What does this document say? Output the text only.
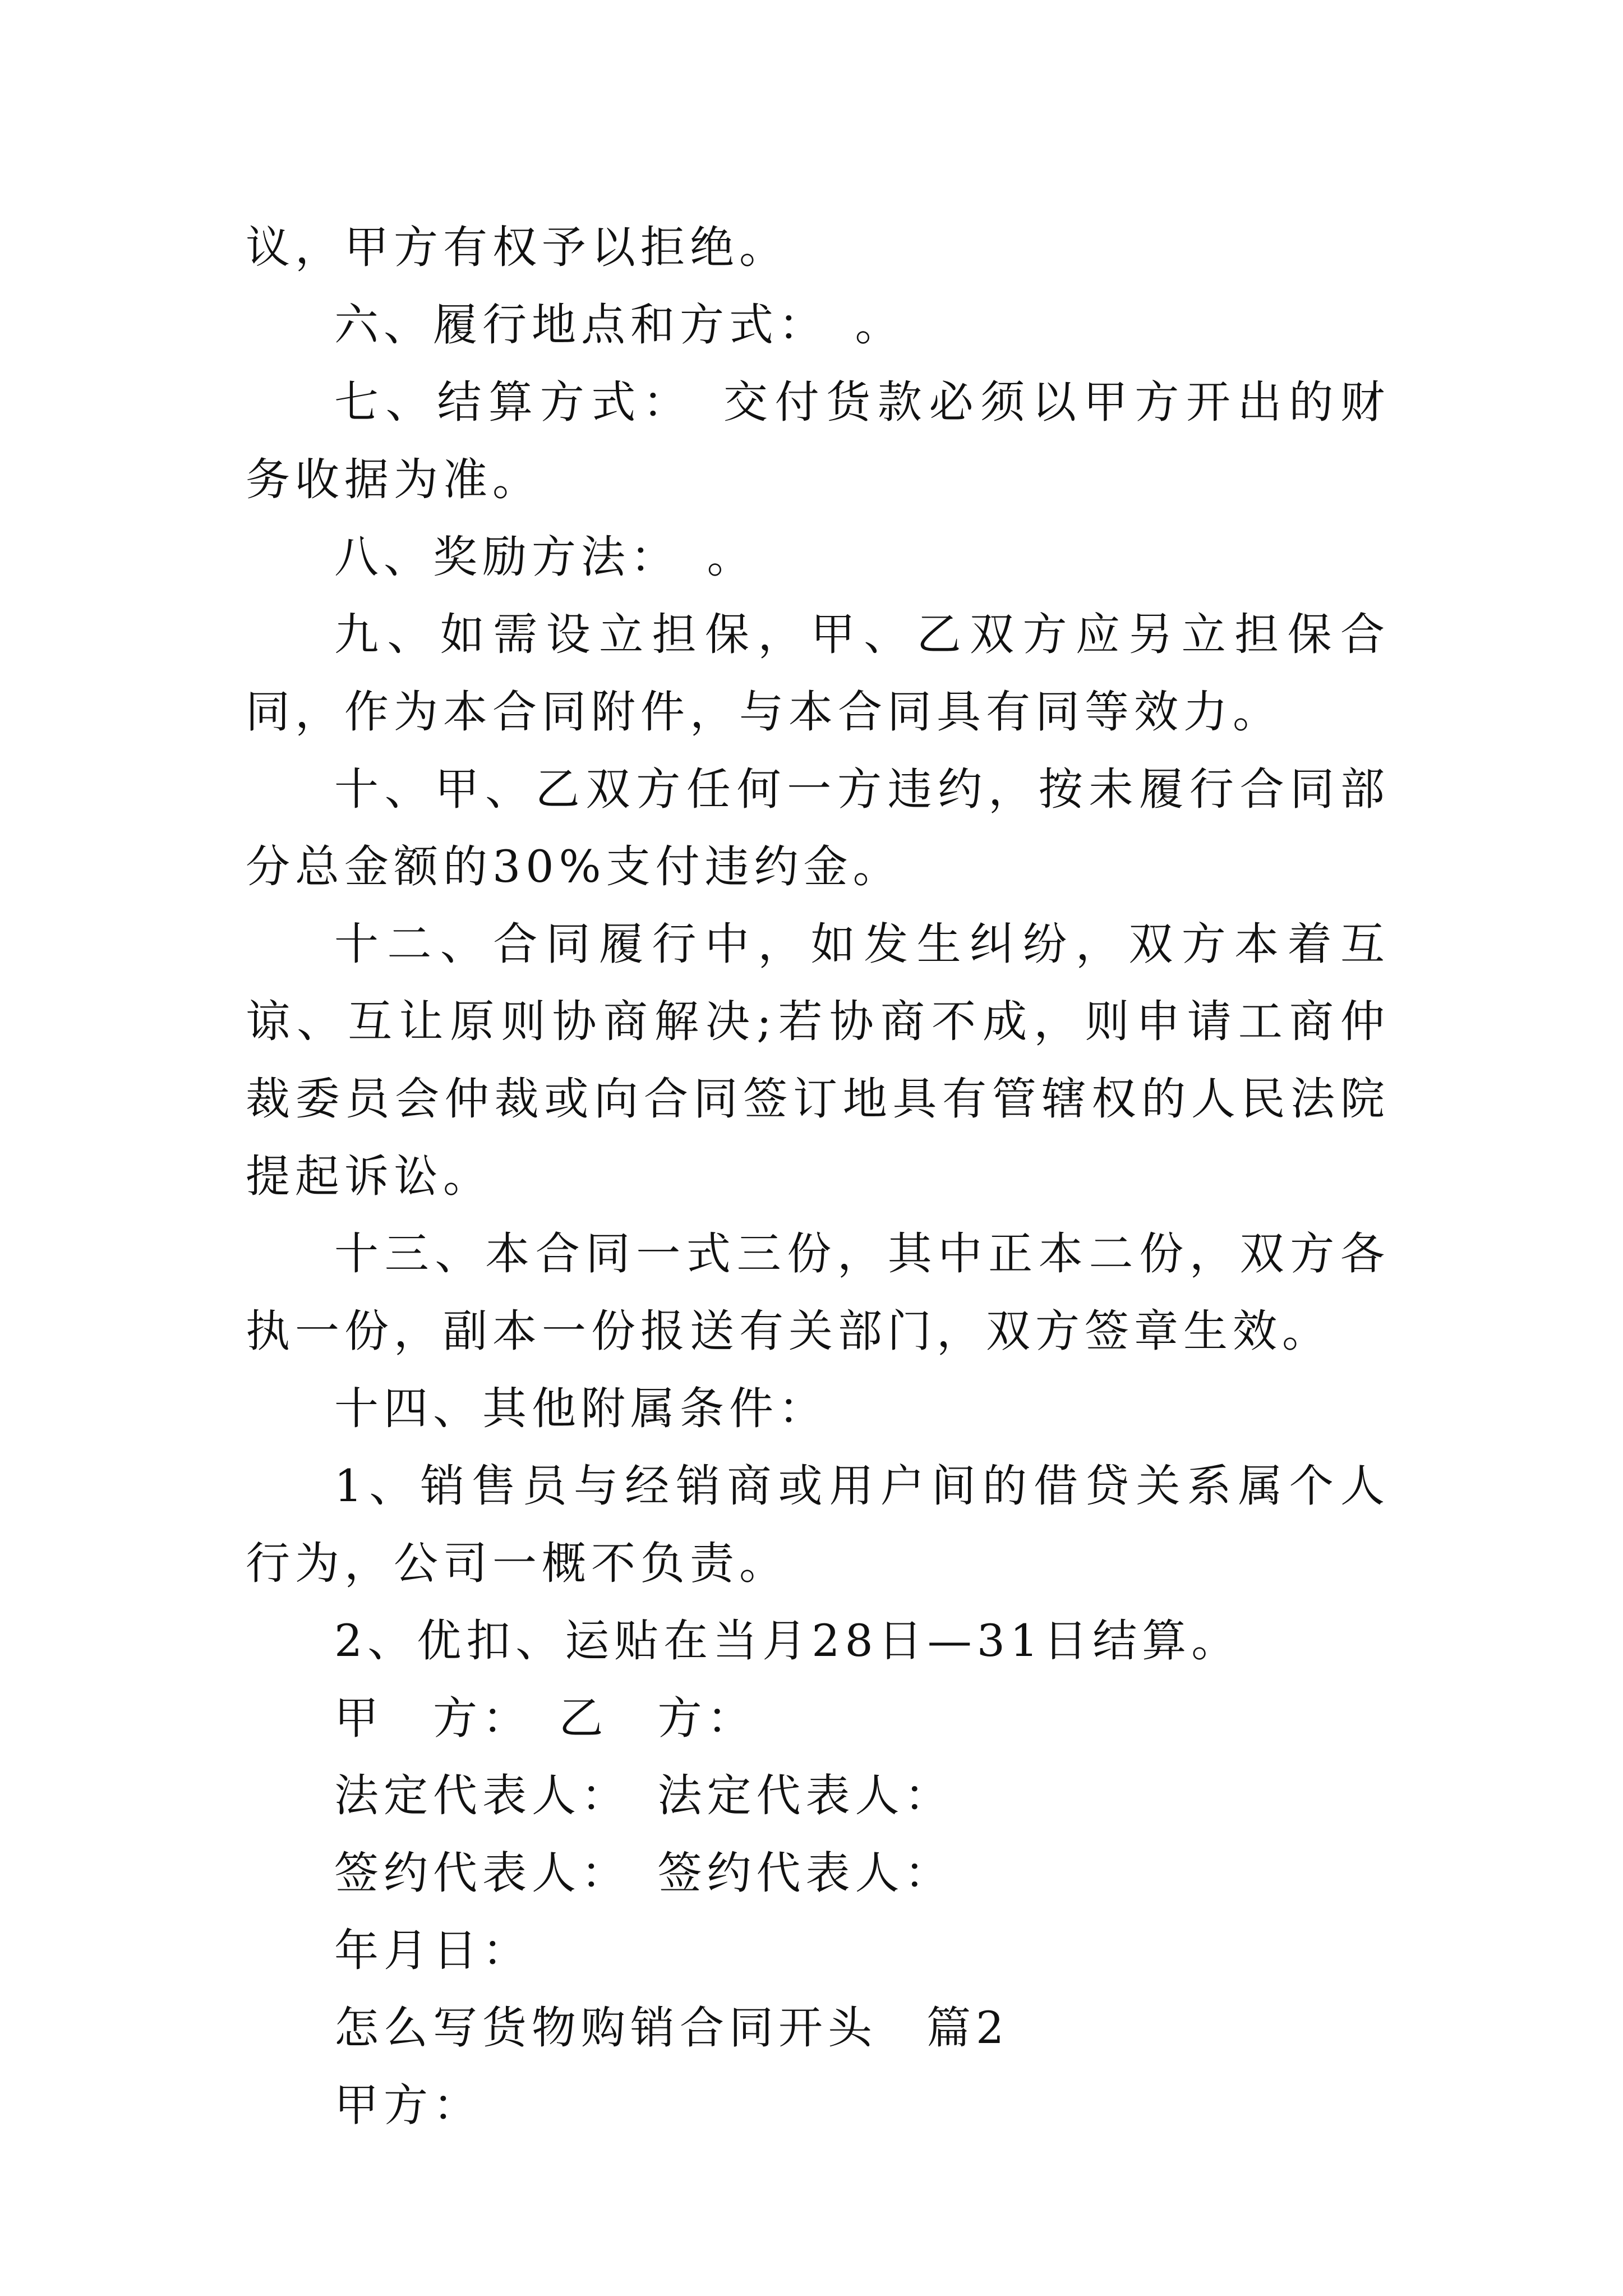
议，甲方有权予以拒绝。

六、履行地点和方式：　。

七、结算方式：　交付货款必须以甲方开出的财务收据为准。

八、奖励方法：　。

九、如需设立担保，甲、乙双方应另立担保合同，作为本合同附件，与本合同具有同等效力。

十、甲、乙双方任何一方违约，按未履行合同部分总金额的30%支付违约金。

十二、合同履行中，如发生纠纷，双方本着互谅、互让原则协商解决;若协商不成，则申请工商仲裁委员会仲裁或向合同签订地具有管辖权的人民法院提起诉讼。

十三、本合同一式三份，其中正本二份，双方各执一份，副本一份报送有关部门，双方签章生效。

十四、其他附属条件：

1、销售员与经销商或用户间的借贷关系属个人行为，公司一概不负责。

2、优扣、运贴在当月28日—31日结算。

甲　方：　乙　方：

法定代表人：　法定代表人：

签约代表人：　签约代表人：

年月日：

怎么写货物购销合同开头　篇2

甲方：
